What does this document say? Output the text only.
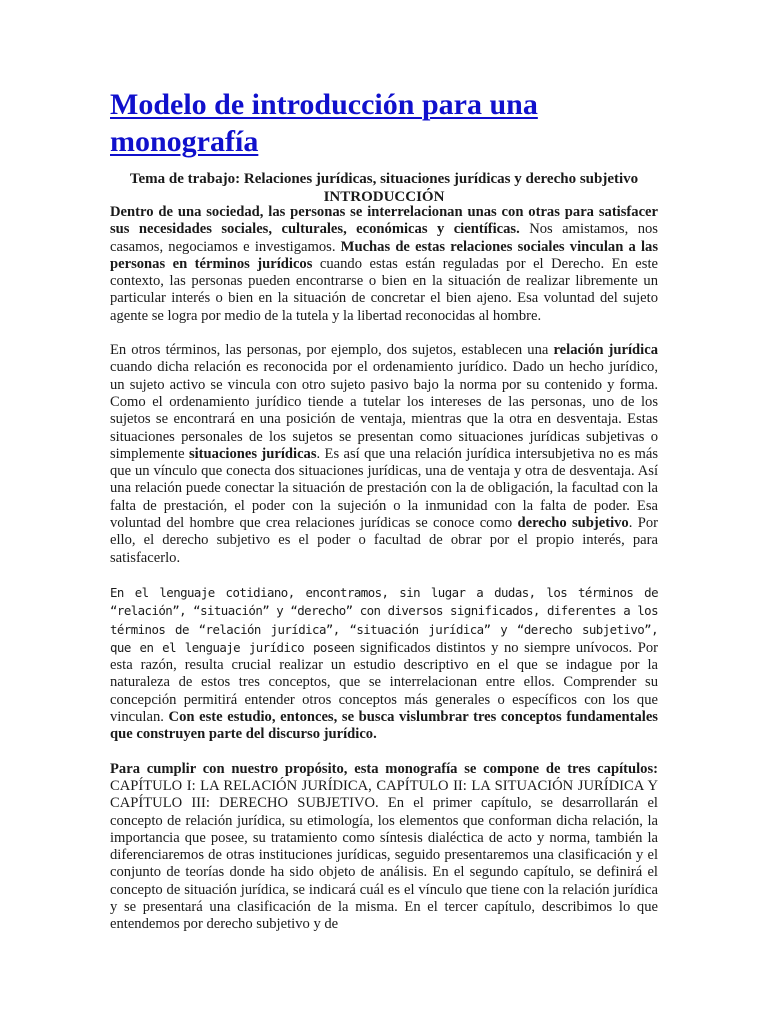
Modelo de introducción para una monografía
Tema de trabajo: Relaciones jurídicas, situaciones jurídicas y derecho subjetivo
INTRODUCCIÓN

Dentro de una sociedad, las personas se interrelacionan unas con otras para satisfacer sus necesidades sociales, culturales, económicas y científicas. Nos amistamos, nos casamos, negociamos e investigamos. Muchas de estas relaciones sociales vinculan a las personas en términos jurídicos cuando estas están reguladas por el Derecho. En este contexto, las personas pueden encontrarse o bien en la situación de realizar libremente un particular interés o bien en la situación de concretar el bien ajeno. Esa voluntad del sujeto agente se logra por medio de la tutela y la libertad reconocidas al hombre.

En otros términos, las personas, por ejemplo, dos sujetos, establecen una relación jurídica cuando dicha relación es reconocida por el ordenamiento jurídico. Dado un hecho jurídico, un sujeto activo se vincula con otro sujeto pasivo bajo la norma por su contenido y forma. Como el ordenamiento jurídico tiende a tutelar los intereses de las personas, uno de los sujetos se encontrará en una posición de ventaja, mientras que la otra en desventaja. Estas situaciones personales de los sujetos se presentan como situaciones jurídicas subjetivas o simplemente situaciones jurídicas. Es así que una relación jurídica intersubjetiva no es más que un vínculo que conecta dos situaciones jurídicas, una de ventaja y otra de desventaja. Así una relación puede conectar la situación de prestación con la de obligación, la facultad con la falta de prestación, el poder con la sujeción o la inmunidad con la falta de poder. Esa voluntad del hombre que crea relaciones jurídicas se conoce como derecho subjetivo. Por ello, el derecho subjetivo es el poder o facultad de obrar por el propio interés, para satisfacerlo.

En el lenguaje cotidiano, encontramos, sin lugar a dudas, los términos de “relación”, “situación” y “derecho” con diversos significados, diferentes a los términos de “relación jurídica”, “situación jurídica” y “derecho subjetivo”, que en el lenguaje jurídico poseen significados distintos y no siempre unívocos. Por esta razón, resulta crucial realizar un estudio descriptivo en el que se indague por la naturaleza de estos tres conceptos, que se interrelacionan entre ellos. Comprender su concepción permitirá entender otros conceptos más generales o específicos con los que vinculan. Con este estudio, entonces, se busca vislumbrar tres conceptos fundamentales que construyen parte del discurso jurídico.

Para cumplir con nuestro propósito, esta monografía se compone de tres capítulos: CAPÍTULO I: LA RELACIÓN JURÍDICA, CAPÍTULO II: LA SITUACIÓN JURÍDICA Y CAPÍTULO III: DERECHO SUBJETIVO. En el primer capítulo, se desarrollarán el concepto de relación jurídica, su etimología, los elementos que conforman dicha relación, la importancia que posee, su tratamiento como síntesis dialéctica de acto y norma, también la diferenciaremos de otras instituciones jurídicas, seguido presentaremos una clasificación y el conjunto de teorías donde ha sido objeto de análisis. En el segundo capítulo, se definirá el concepto de situación jurídica, se indicará cuál es el vínculo que tiene con la relación jurídica y se presentará una clasificación de la misma. En el tercer capítulo, describimos lo que entendemos por derecho subjetivo y de
